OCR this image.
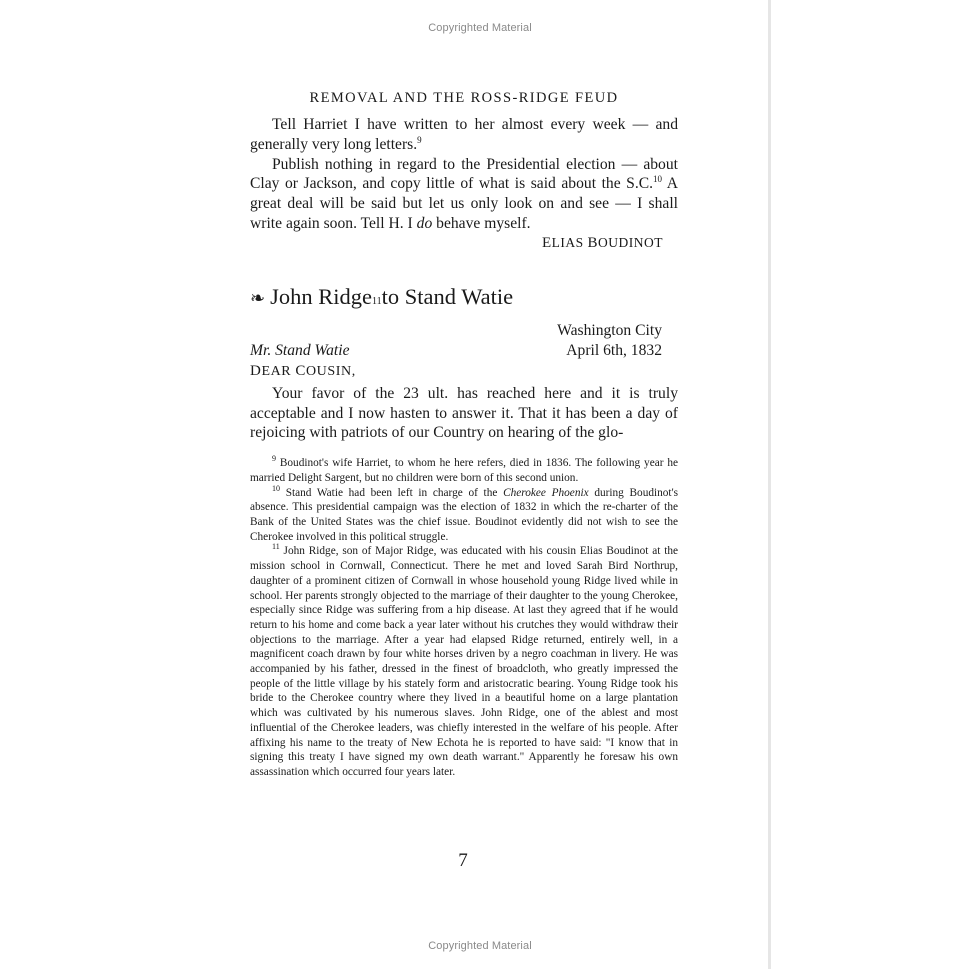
Copyrighted Material
REMOVAL AND THE ROSS-RIDGE FEUD

Tell Harriet I have written to her almost every week — and generally very long letters.$^9$

Publish nothing in regard to the Presidential election — about Clay or Jackson, and copy little of what is said about the S.C.$^{10}$ A great deal will be said but let us only look on and see — I shall write again soon. Tell H. I do behave myself.

ELIAS BOUDINOT
❧ John Ridge 11 to Stand Watie
Washington City
Mr. Stand Watie	April 6th, 1832
DEAR COUSIN,

Your favor of the 23 ult. has reached here and it is truly acceptable and I now hasten to answer it. That it has been a day of rejoicing with patriots of our Country on hearing of the glo-

$^9$ Boudinot's wife Harriet, to whom he here refers, died in 1836. The following year he married Delight Sargent, but no children were born of this second union.

$^{10}$ Stand Watie had been left in charge of the Cherokee Phoenix during Boudinot's absence. This presidential campaign was the election of 1832 in which the re-charter of the Bank of the United States was the chief issue. Boudinot evidently did not wish to see the Cherokee involved in this political struggle.

$^{11}$ John Ridge, son of Major Ridge, was educated with his cousin Elias Boudinot at the mission school in Cornwall, Connecticut. There he met and loved Sarah Bird Northrup, daughter of a prominent citizen of Cornwall in whose household young Ridge lived while in school. Her parents strongly objected to the marriage of their daughter to the young Cherokee, especially since Ridge was suffering from a hip disease. At last they agreed that if he would return to his home and come back a year later without his crutches they would withdraw their objections to the marriage. After a year had elapsed Ridge returned, entirely well, in a magnificent coach drawn by four white horses driven by a negro coachman in livery. He was accompanied by his father, dressed in the finest of broadcloth, who greatly impressed the people of the little village by his stately form and aristocratic bearing. Young Ridge took his bride to the Cherokee country where they lived in a beautiful home on a large plantation which was cultivated by his numerous slaves. John Ridge, one of the ablest and most influential of the Cherokee leaders, was chiefly interested in the welfare of his people. After affixing his name to the treaty of New Echota he is reported to have said: "I know that in signing this treaty I have signed my own death warrant." Apparently he foresaw his own assassination which occurred four years later.

7
Copyrighted Material
